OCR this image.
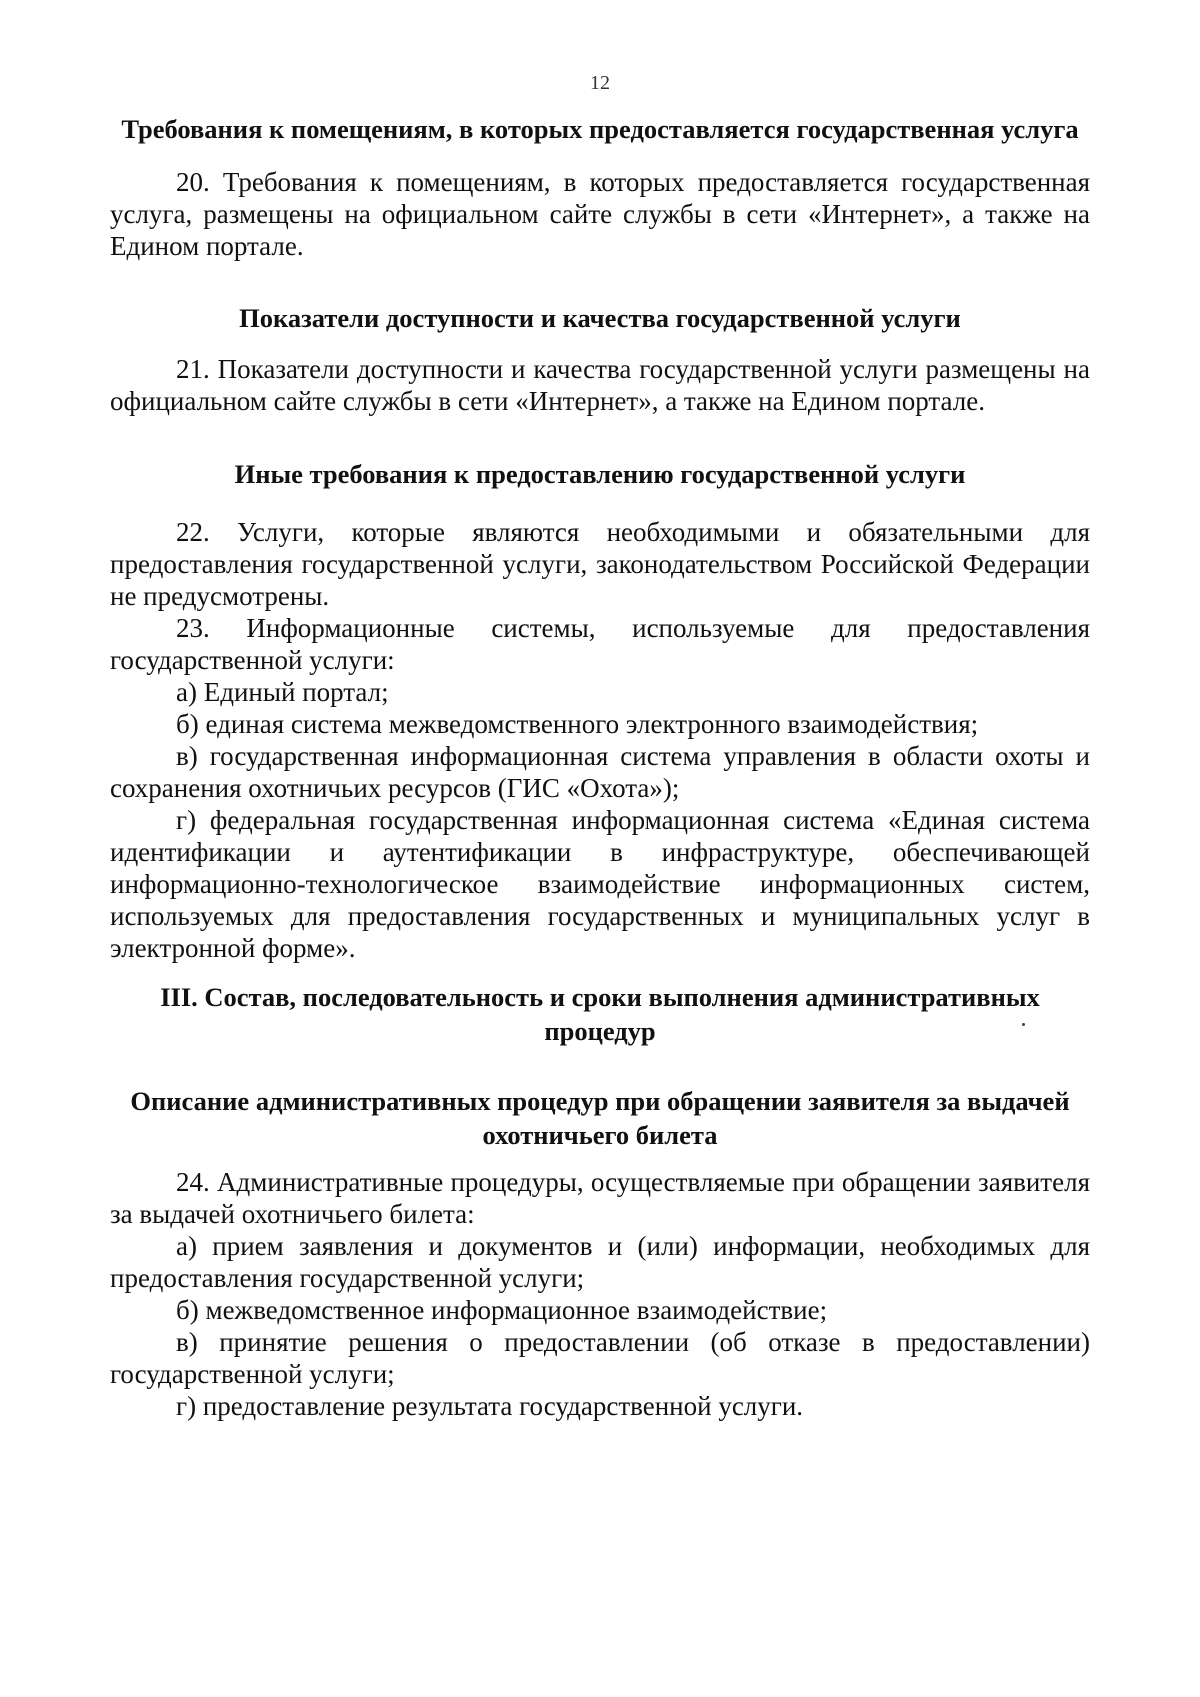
12
Требования к помещениям, в которых предоставляется государственная услуга

20. Требования к помещениям, в которых предоставляется государственная услуга, размещены на официальном сайте службы в сети «Интернет», а также на Едином портале.

Показатели доступности и качества государственной услуги

21. Показатели доступности и качества государственной услуги размещены на официальном сайте службы в сети «Интернет», а также на Едином портале.

Иные требования к предоставлению государственной услуги

22. Услуги, которые являются необходимыми и обязательными для предоставления государственной услуги, законодательством Российской Федерации не предусмотрены.

23. Информационные системы, используемые для предоставления государственной услуги:

а) Единый портал;

б) единая система межведомственного электронного взаимодействия;

в) государственная информационная система управления в области охоты и сохранения охотничьих ресурсов (ГИС «Охота»);

г) федеральная государственная информационная система «Единая система идентификации и аутентификации в инфраструктуре, обеспечивающей информационно-технологическое взаимодействие информационных систем, используемых для предоставления государственных и муниципальных услуг в электронной форме».

III. Состав, последовательность и сроки выполнения административных
процедур
Описание административных процедур при обращении заявителя за выдачей
охотничьего билета

24. Административные процедуры, осуществляемые при обращении заявителя за выдачей охотничьего билета:

а) прием заявления и документов и (или) информации, необходимых для предоставления государственной услуги;

б) межведомственное информационное взаимодействие;

в) принятие решения о предоставлении (об отказе в предоставлении) государственной услуги;

г) предоставление результата государственной услуги.
